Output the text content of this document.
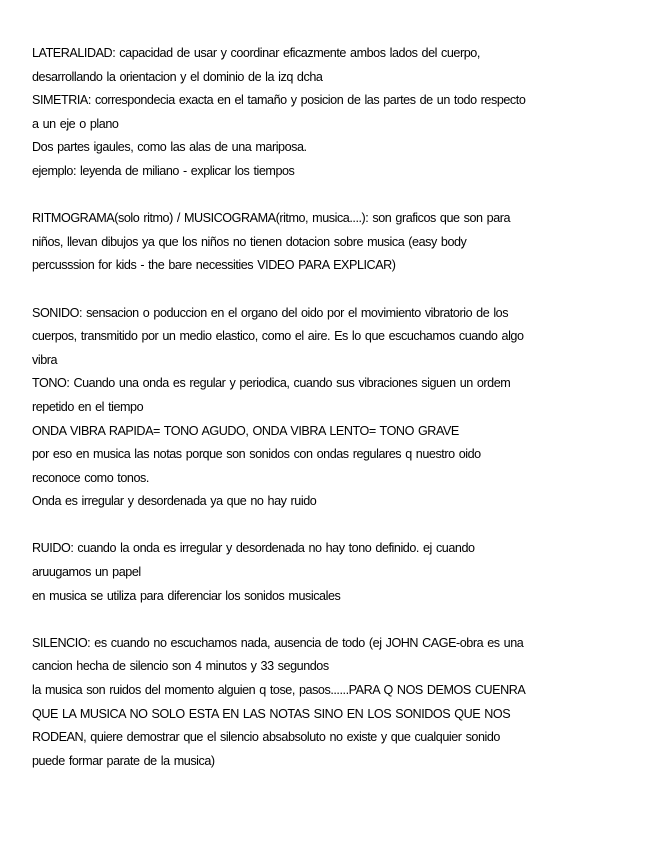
LATERALIDAD: capacidad de usar y coordinar eficazmente ambos lados del cuerpo,
desarrollando la orientacion y el dominio de la izq dcha
SIMETRIA: correspondecia exacta en el tamaño y posicion de las partes de un todo respecto
a un eje o plano
Dos partes igaules, como las alas de una mariposa.
ejemplo: leyenda de miliano - explicar los tiempos
RITMOGRAMA(solo ritmo) / MUSICOGRAMA(ritmo, musica....): son graficos que son para
niños, llevan dibujos ya que los niños no tienen dotacion sobre musica (easy body
percusssion for kids - the bare necessities VIDEO PARA EXPLICAR)
SONIDO: sensacion o poduccion en el organo del oido por el movimiento vibratorio de los
cuerpos, transmitido por un medio elastico, como el aire. Es lo que escuchamos cuando algo
vibra
TONO: Cuando una onda es regular y periodica, cuando sus vibraciones siguen un ordem
repetido en el tiempo
ONDA VIBRA RAPIDA= TONO AGUDO, ONDA VIBRA LENTO= TONO GRAVE
por eso en musica las notas porque son sonidos con ondas regulares q nuestro oido
reconoce como tonos.
Onda es irregular y desordenada ya que no hay ruido
RUIDO: cuando la onda es irregular y desordenada no hay tono definido. ej cuando
aruugamos un papel
en musica se utiliza para diferenciar los sonidos musicales
SILENCIO: es cuando no escuchamos nada, ausencia de todo (ej JOHN CAGE-obra es una
cancion hecha de silencio son 4 minutos y 33 segundos
la musica son ruidos del momento alguien q tose, pasos......PARA Q NOS DEMOS CUENRA
QUE LA MUSICA NO SOLO ESTA EN LAS NOTAS SINO EN LOS SONIDOS QUE NOS
RODEAN, quiere demostrar que el silencio absabsoluto no existe y que cualquier sonido
puede formar parate de la musica)
